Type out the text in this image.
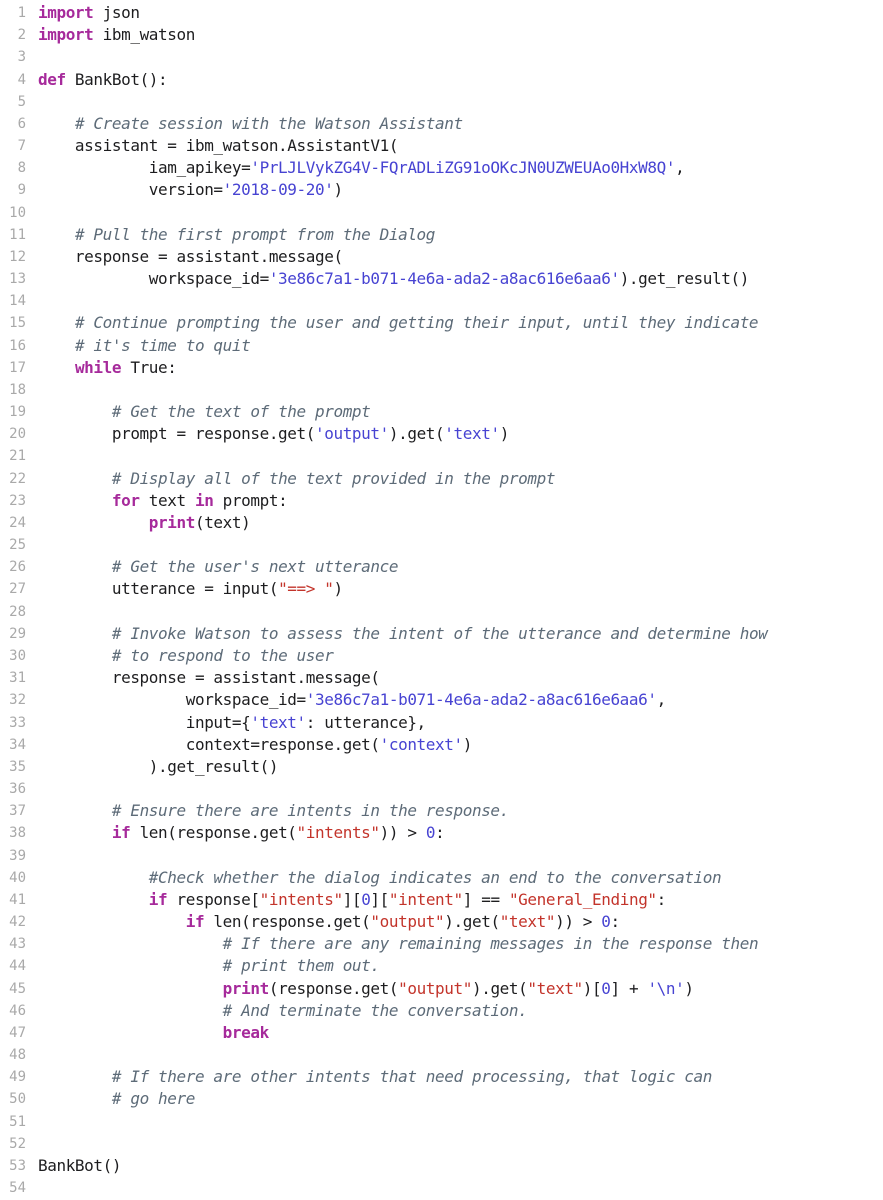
1 import json
2 import ibm_watson
3
4 def BankBot():
5
6	# Create session with the Watson Assistant
7 assistant = ibm_watson.AssistantV1(
8 iam_apikey='PrLJLVykZG4V-FQrADLiZG91oOKcJN0UZWEUAo0HxW8Q',
9 version='2018-09-20')
10
11	# Pull the first prompt from the Dialog
12 response = assistant.message(
13 workspace_id='3e86c7a1-b071-4e6a-ada2-a8ac616e6aa6').get_result()
14
15	# Continue prompting the user and getting their input, until they indicate
16	# it's time to quit
17	while True:
18
19	# Get the text of the prompt
20 prompt = response.get('output').get('text')
21
22	# Display all of the text provided in the prompt
23	for text in prompt:
24	print(text)
25
26	# Get the user's next utterance
27 utterance = input("==> ")
28
29	# Invoke Watson to assess the intent of the utterance and determine how
30	# to respond to the user
31 response = assistant.message(
32 workspace_id='3e86c7a1-b071-4e6a-ada2-a8ac616e6aa6',
33 input={'text': utterance},
34 context=response.get('context')
35 ).get_result()
36
37	# Ensure there are intents in the response.
38	if len(response.get("intents")) > 0:
39
40	#Check whether the dialog indicates an end to the conversation
41	if response["intents"][0]["intent"] == "General_Ending":
42	if len(response.get("output").get("text")) > 0:
43	# If there are any remaining messages in the response then
44	# print them out.
45	print(response.get("output").get("text")[0] + '\n')
46	# And terminate the conversation.
47	break
48
49	# If there are other intents that need processing, that logic can
50	# go here
51
52
53 BankBot()
54
